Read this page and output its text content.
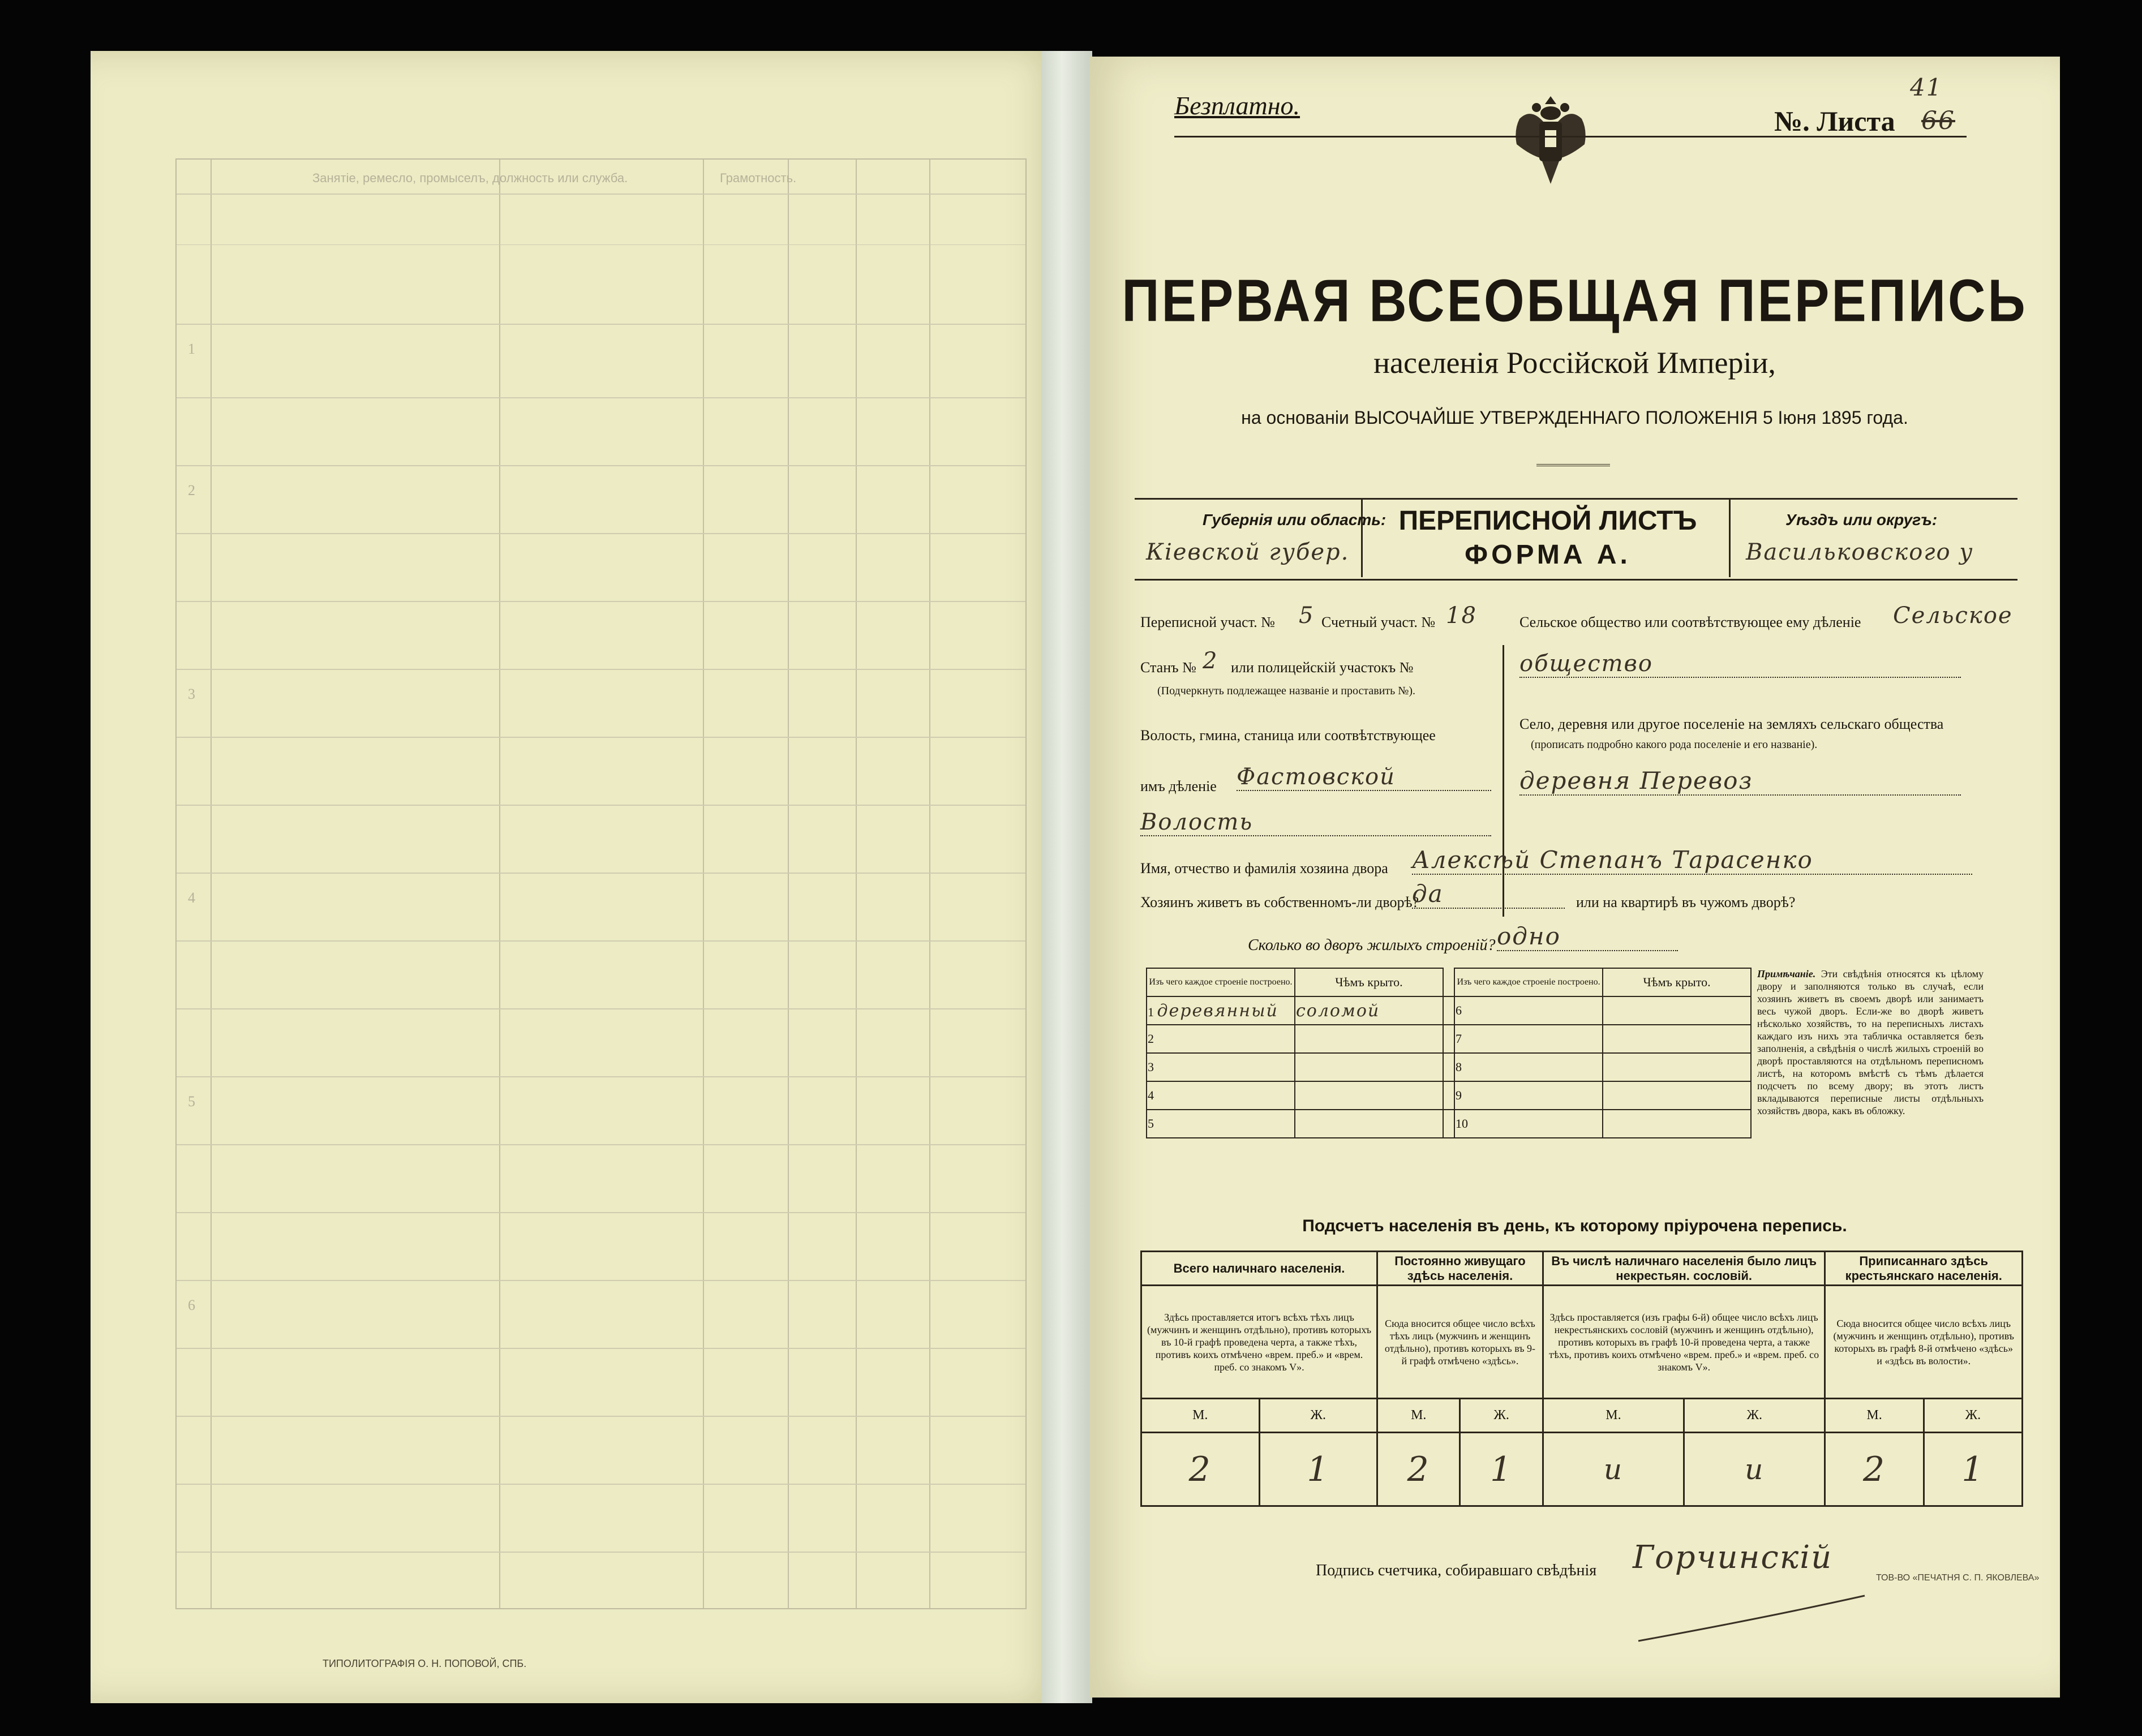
Занятіе, ремесло, промыселъ, должность или служба.	Грамотность.
1
2
3
4
5
6
ТИПОЛИТОГРАФІЯ О. Н. ПОПОВОЙ, СПБ.
Безплатно.	№. Листа 66
41
ПЕРВАЯ ВСЕОБЩАЯ ПЕРЕПИСЬ
населенія Россійской Имперіи,
на основаніи ВЫСОЧАЙШЕ УТВЕРЖДЕННАГО ПОЛОЖЕНІЯ 5 Іюня 1895 года.
Губернія или область:
Кіевской губер.
ПЕРЕПИСНОЙ ЛИСТЪ
ФОРМА А.
Уѣздъ или округъ:
Васильковского у
Переписной участ. № 5 Счетный участ. № 18
Станъ № 2 или полицейскій участокъ №
(Подчеркнуть подлежащее названіе и проставить №).
Волость, гмина, станица или соотвѣтствующее
имъ дѣленіе Фастовской
Волость
Сельское общество или соотвѣтствующее ему дѣленіе Сельское
общество
Село, деревня или другое поселеніе на земляхъ сельскаго общества
(прописать подробно какого рода поселеніе и его названіе).
деревня Перевоз
Имя, отчество и фамилія хозяина двора Алексѣй Степанъ Тарасенко
Хозяинъ живетъ въ собственномъ-ли дворѣ?
да	или на квартирѣ въ чужомъ дворѣ?
Сколько во дворъ жилыхъ строеній? одно
Изъ чего каждое строеніе построено.	Чѣмъ крыто.		Изъ чего каждое строеніе построено.	Чѣмъ крыто.
1 деревянный	соломой		6	
2			7	
3			8	
4			9	
5			10	
Примѣчаніе. Эти свѣдѣнія относятся къ цѣлому двору и заполняются только въ случаѣ, если хозяинъ живетъ въ своемъ дворѣ или занимаетъ весь чужой дворъ. Если-же во дворѣ живетъ нѣсколько хозяйствъ, то на переписныхъ листахъ каждаго изъ нихъ эта табличка оставляется безъ заполненія, а свѣдѣнія о числѣ жилыхъ строеній во дворѣ проставляются на отдѣльномъ переписномъ листѣ, на которомъ вмѣстѣ съ тѣмъ дѣлается подсчетъ по всему двору; въ этотъ листъ вкладываются переписные листы отдѣльныхъ хозяйствъ двора, какъ въ обложку.
Подсчетъ населенія въ день, къ которому пріурочена перепись.
Всего наличнаго населенія.		Постоянно живущаго здѣсь населенія.		Въ числѣ наличнаго населенія было лицъ некрестьян. сословій.		Приписаннаго здѣсь крестьянскаго населенія.	
Здѣсь проставляется итогъ всѣхъ тѣхъ лицъ (мужчинъ и женщинъ отдѣльно), противъ которыхъ въ 10-й графѣ проведена черта, а также тѣхъ, противъ коихъ отмѣчено «врем. преб.» и «врем. преб. со знакомъ V».		Сюда вносится общее число всѣхъ тѣхъ лицъ (мужчинъ и женщинъ отдѣльно), противъ которыхъ въ 9-й графѣ отмѣчено «здѣсь».		Здѣсь проставляется (изъ графы 6-й) общее число всѣхъ лицъ некрестьянскихъ сословій (мужчинъ и женщинъ отдѣльно), противъ которыхъ въ графѣ 10-й проведена черта, а также тѣхъ, противъ коихъ отмѣчено «врем. преб.» и «врем. преб. со знакомъ V».		Сюда вносится общее число всѣхъ лицъ (мужчинъ и женщинъ отдѣльно), противъ которыхъ въ графѣ 8-й отмѣчено «здѣсь» и «здѣсь въ волости».	
М.	Ж.	М.	Ж.	М.	Ж.	М.	Ж.
2	1	2	1	и	и	2	1
Подпись счетчика, собиравшаго свѣдѣнія Горчинскій
ТОВ-ВО «ПЕЧАТНЯ С. П. ЯКОВЛЕВА»
